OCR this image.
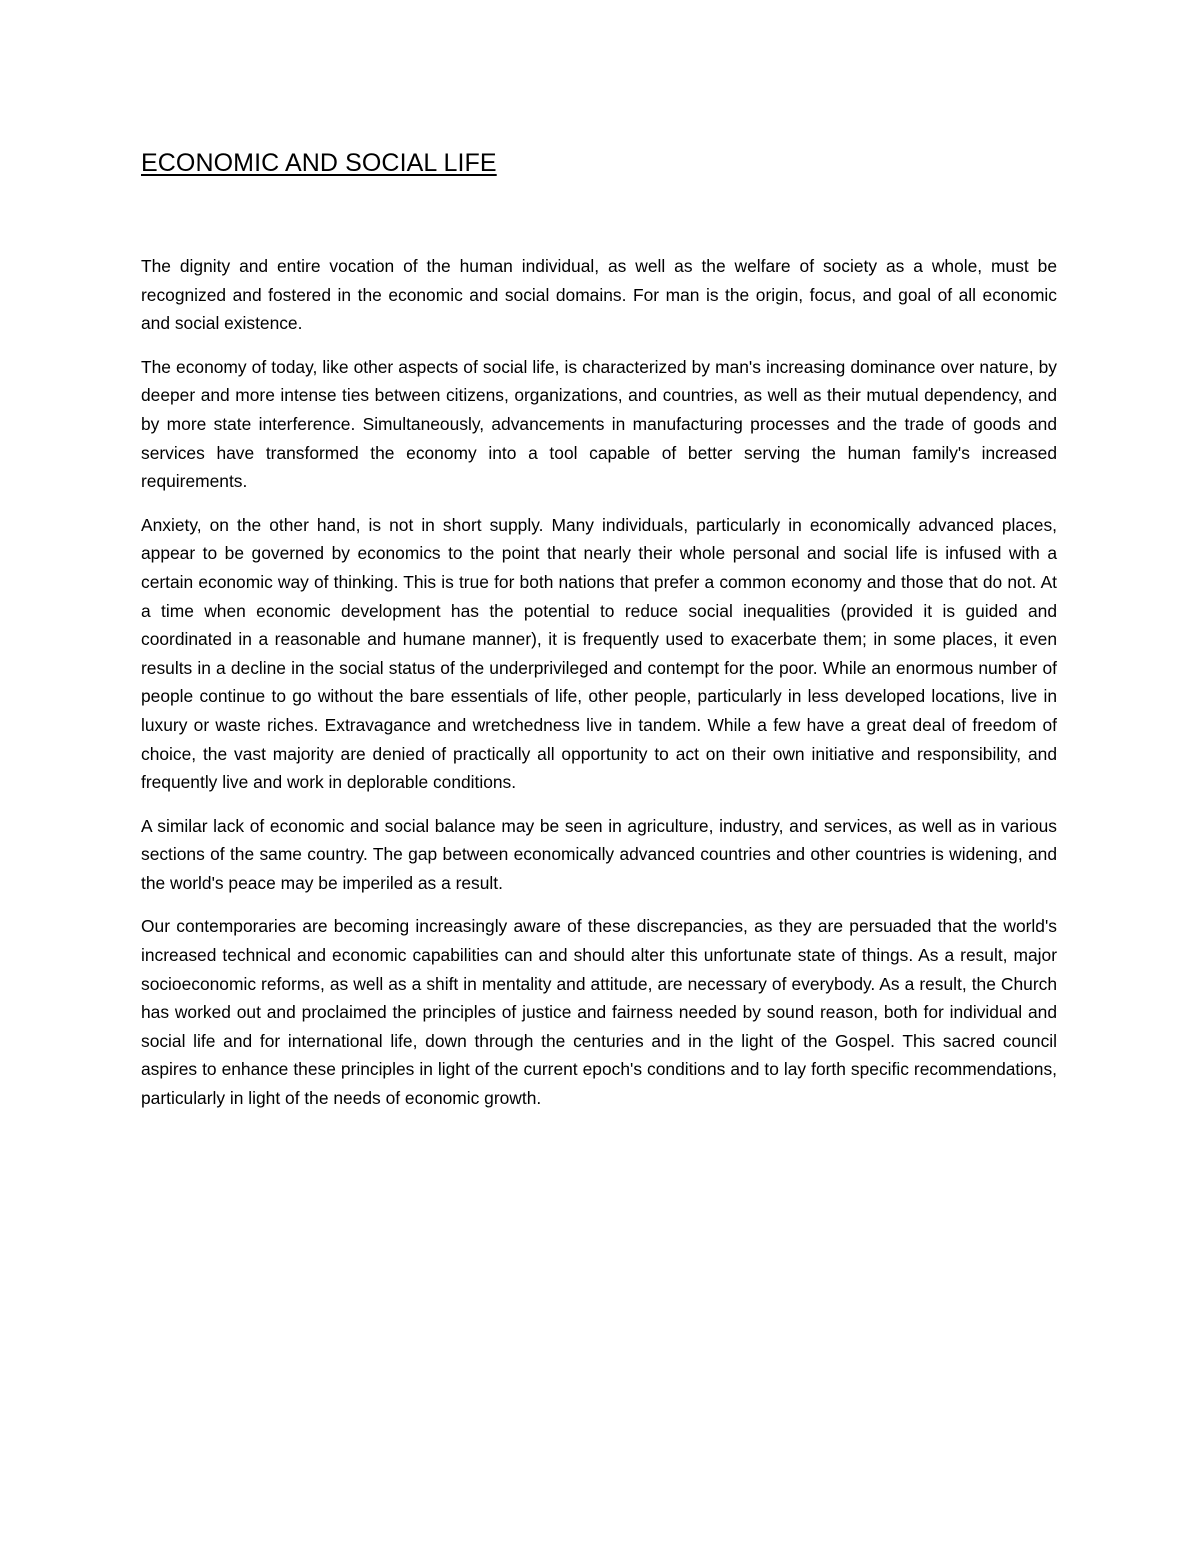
ECONOMIC AND SOCIAL LIFE

The dignity and entire vocation of the human individual, as well as the welfare of society as a whole, must be recognized and fostered in the economic and social domains. For man is the origin, focus, and goal of all economic and social existence.

The economy of today, like other aspects of social life, is characterized by man's increasing dominance over nature, by deeper and more intense ties between citizens, organizations, and countries, as well as their mutual dependency, and by more state interference. Simultaneously, advancements in manufacturing processes and the trade of goods and services have transformed the economy into a tool capable of better serving the human family's increased requirements.

Anxiety, on the other hand, is not in short supply. Many individuals, particularly in economically advanced places, appear to be governed by economics to the point that nearly their whole personal and social life is infused with a certain economic way of thinking. This is true for both nations that prefer a common economy and those that do not. At a time when economic development has the potential to reduce social inequalities (provided it is guided and coordinated in a reasonable and humane manner), it is frequently used to exacerbate them; in some places, it even results in a decline in the social status of the underprivileged and contempt for the poor. While an enormous number of people continue to go without the bare essentials of life, other people, particularly in less developed locations, live in luxury or waste riches. Extravagance and wretchedness live in tandem. While a few have a great deal of freedom of choice, the vast majority are denied of practically all opportunity to act on their own initiative and responsibility, and frequently live and work in deplorable conditions.

A similar lack of economic and social balance may be seen in agriculture, industry, and services, as well as in various sections of the same country. The gap between economically advanced countries and other countries is widening, and the world's peace may be imperiled as a result.

Our contemporaries are becoming increasingly aware of these discrepancies, as they are persuaded that the world's increased technical and economic capabilities can and should alter this unfortunate state of things. As a result, major socioeconomic reforms, as well as a shift in mentality and attitude, are necessary of everybody. As a result, the Church has worked out and proclaimed the principles of justice and fairness needed by sound reason, both for individual and social life and for international life, down through the centuries and in the light of the Gospel. This sacred council aspires to enhance these principles in light of the current epoch's conditions and to lay forth specific recommendations, particularly in light of the needs of economic growth.
